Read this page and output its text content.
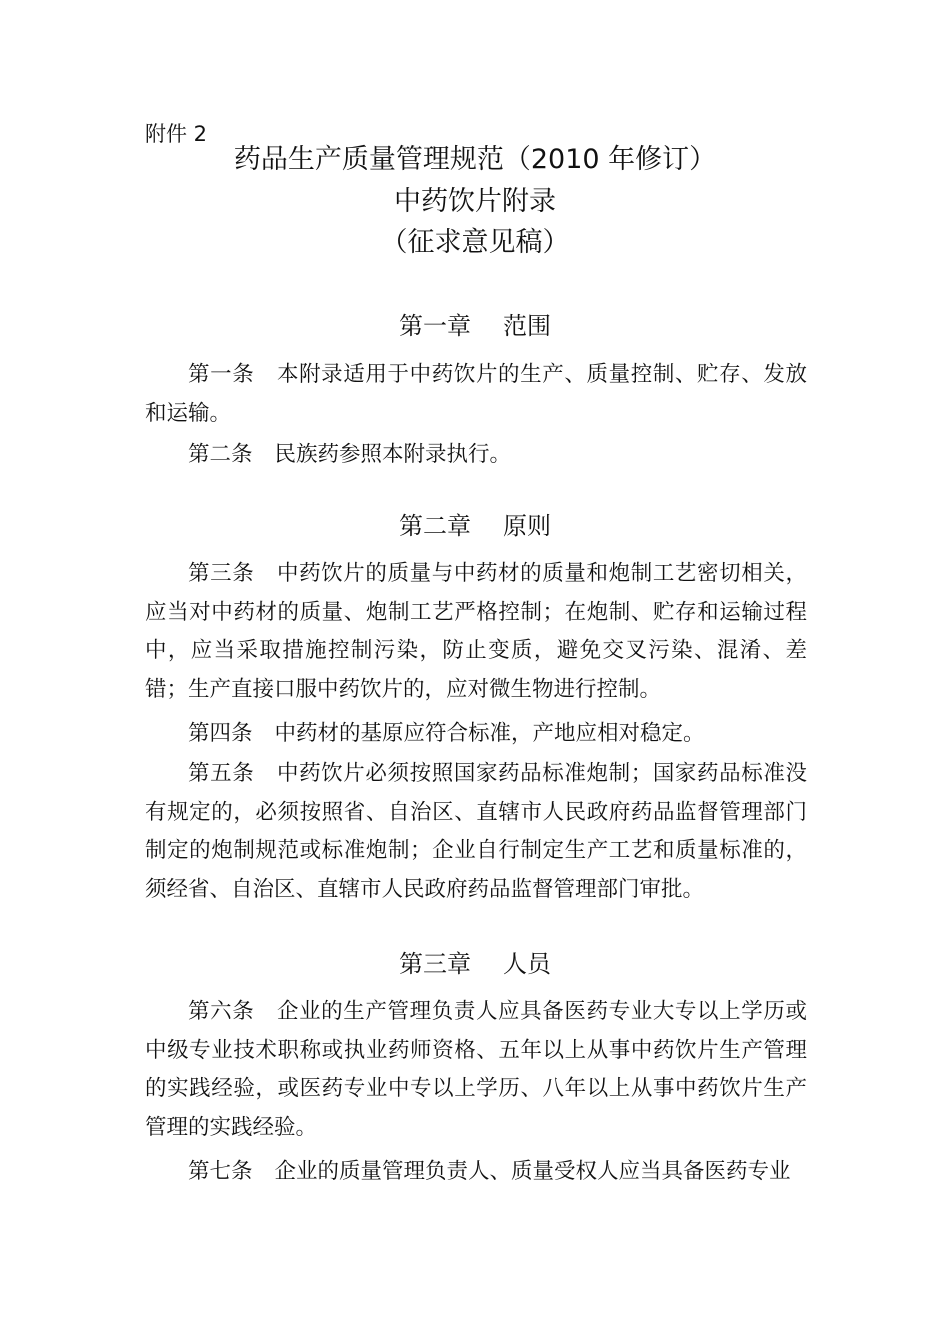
附件 2
药品生产质量管理规范（2010 年修订）
中药饮片附录
（征求意见稿）
第一章 范围

第一条 本附录适用于中药饮片的生产、质量控制、贮存、发放和运输。

第二条 民族药参照本附录执行。

第二章 原则

第三条 中药饮片的质量与中药材的质量和炮制工艺密切相关，应当对中药材的质量、炮制工艺严格控制；在炮制、贮存和运输过程中，应当采取措施控制污染，防止变质，避免交叉污染、混淆、差错；生产直接口服中药饮片的，应对微生物进行控制。

第四条 中药材的基原应符合标准，产地应相对稳定。

第五条 中药饮片必须按照国家药品标准炮制；国家药品标准没有规定的，必须按照省、自治区、直辖市人民政府药品监督管理部门制定的炮制规范或标准炮制；企业自行制定生产工艺和质量标准的，须经省、自治区、直辖市人民政府药品监督管理部门审批。

第三章 人员

第六条 企业的生产管理负责人应具备医药专业大专以上学历或中级专业技术职称或执业药师资格、五年以上从事中药饮片生产管理的实践经验，或医药专业中专以上学历、八年以上从事中药饮片生产管理的实践经验。

第七条 企业的质量管理负责人、质量受权人应当具备医药专业
